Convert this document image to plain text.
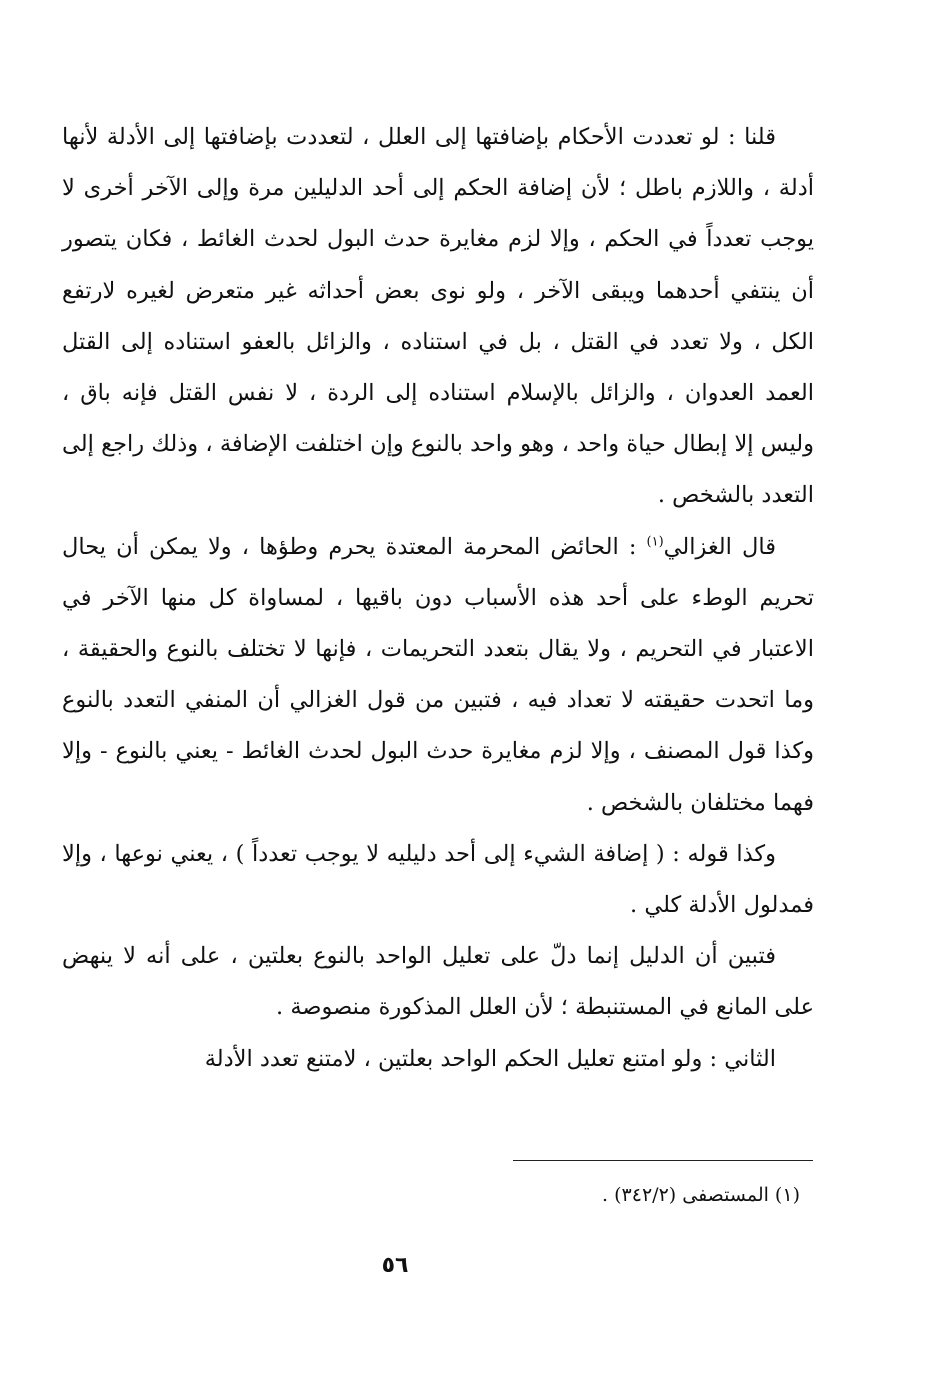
قلنا : لو تعددت الأحكام بإضافتها إلى العلل ، لتعددت بإضافتها إلى الأدلة لأنها أدلة ، واللازم باطل ؛ لأن إضافة الحكم إلى أحد الدليلين مرة وإلى الآخر أخرى لا يوجب تعدداً في الحكم ، وإلا لزم مغايرة حدث البول لحدث الغائط ، فكان يتصور أن ينتفي أحدهما ويبقى الآخر ، ولو نوى بعض أحداثه غير متعرض لغيره لارتفع الكل ، ولا تعدد في القتل ، بل في استناده ، والزائل بالعفو استناده إلى القتل العمد العدوان ، والزائل بالإسلام استناده إلى الردة ، لا نفس القتل فإنه باق ، وليس إلا إبطال حياة واحد ، وهو واحد بالنوع وإن اختلفت الإضافة ، وذلك راجع إلى التعدد بالشخص .

قال الغزالي$^{(١)}$ : الحائض المحرمة المعتدة يحرم وطؤها ، ولا يمكن أن يحال تحريم الوطء على أحد هذه الأسباب دون باقيها ، لمساواة كل منها الآخر في الاعتبار في التحريم ، ولا يقال بتعدد التحريمات ، فإنها لا تختلف بالنوع والحقيقة ، وما اتحدت حقيقته لا تعداد فيه ، فتبين من قول الغزالي أن المنفي التعدد بالنوع وكذا قول المصنف ، وإلا لزم مغايرة حدث البول لحدث الغائط - يعني بالنوع - وإلا فهما مختلفان بالشخص .

وكذا قوله : ( إضافة الشيء إلى أحد دليليه لا يوجب تعدداً ) ، يعني نوعها ، وإلا فمدلول الأدلة كلي .

فتبين أن الدليل إنما دلّ على تعليل الواحد بالنوع بعلتين ، على أنه لا ينهض على المانع في المستنبطة ؛ لأن العلل المذكورة منصوصة .

الثاني : ولو امتنع تعليل الحكم الواحد بعلتين ، لامتنع تعدد الأدلة

(١) المستصفى (٣٤٢/٢) .
٥٦
